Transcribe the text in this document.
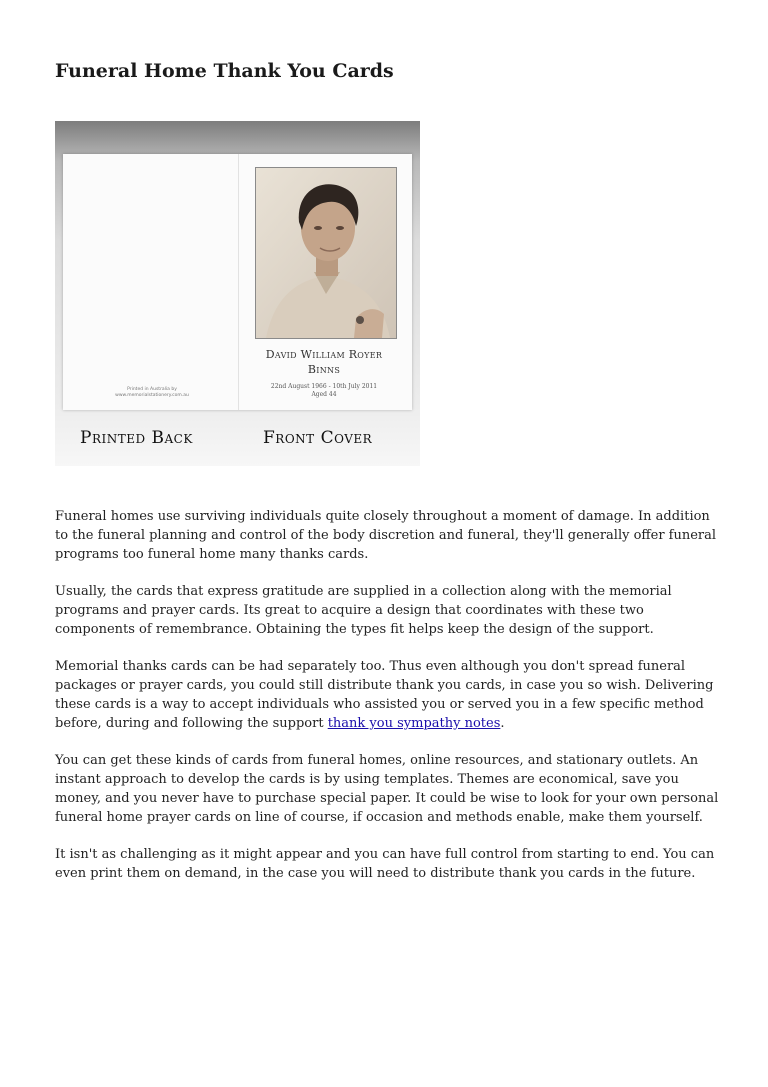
Funeral Home Thank You Cards
Printed in Australia by
www.memorialstationery.com.au
David William Royer
Binns
22nd August 1966 - 10th July 2011
Aged 44
Printed Back	Front Cover

Funeral homes use surviving individuals quite closely throughout a moment of damage. In addition to the funeral planning and control of the body discretion and funeral, they'll generally offer funeral programs too funeral home many thanks cards.

Usually, the cards that express gratitude are supplied in a collection along with the memorial programs and prayer cards. Its great to acquire a design that coordinates with these two components of remembrance. Obtaining the types fit helps keep the design of the support.

Memorial thanks cards can be had separately too. Thus even although you don't spread funeral packages or prayer cards, you could still distribute thank you cards, in case you so wish. Delivering these cards is a way to accept individuals who assisted you or served you in a few specific method before, during and following the support thank you sympathy notes.

You can get these kinds of cards from funeral homes, online resources, and stationary outlets. An instant approach to develop the cards is by using templates. Themes are economical, save you money, and you never have to purchase special paper. It could be wise to look for your own personal funeral home prayer cards on line of course, if occasion and methods enable, make them yourself.

It isn't as challenging as it might appear and you can have full control from starting to end. You can even print them on demand, in the case you will need to distribute thank you cards in the future.
